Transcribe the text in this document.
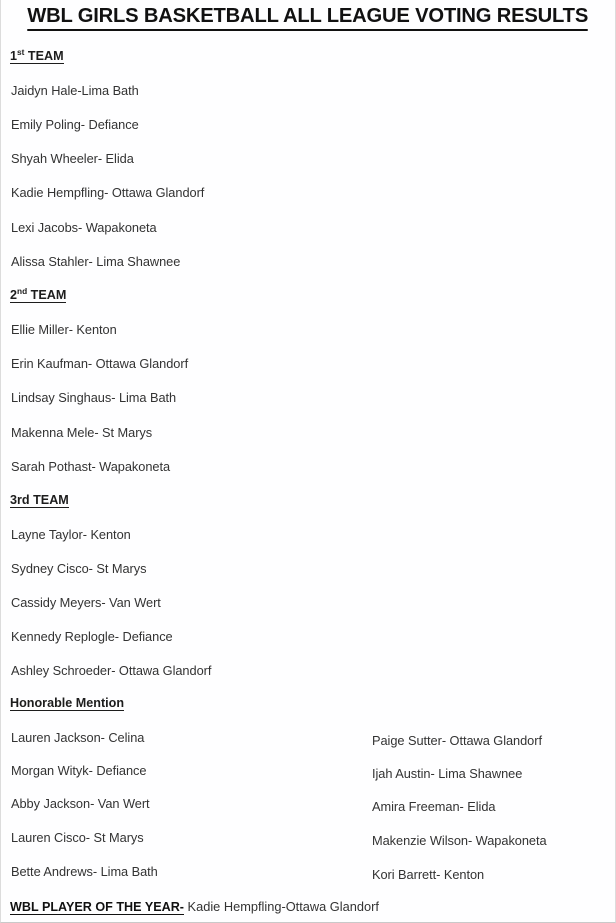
WBL GIRLS BASKETBALL ALL LEAGUE VOTING RESULTS
1st TEAM
Jaidyn Hale-Lima Bath
Emily Poling- Defiance
Shyah Wheeler- Elida
Kadie Hempfling- Ottawa Glandorf
Lexi Jacobs- Wapakoneta
Alissa Stahler- Lima Shawnee
2nd TEAM
Ellie Miller- Kenton
Erin Kaufman- Ottawa Glandorf
Lindsay Singhaus- Lima Bath
Makenna Mele- St Marys
Sarah Pothast- Wapakoneta
3rd TEAM
Layne Taylor- Kenton
Sydney Cisco- St Marys
Cassidy Meyers- Van Wert
Kennedy Replogle- Defiance
Ashley Schroeder- Ottawa Glandorf
Honorable Mention
Lauren Jackson- Celina
Morgan Wityk- Defiance
Abby Jackson- Van Wert
Lauren Cisco- St Marys
Bette Andrews- Lima Bath
Paige Sutter- Ottawa Glandorf
Ijah Austin- Lima Shawnee
Amira Freeman- Elida
Makenzie Wilson- Wapakoneta
Kori Barrett- Kenton
WBL PLAYER OF THE YEAR- Kadie Hempfling-Ottawa Glandorf
